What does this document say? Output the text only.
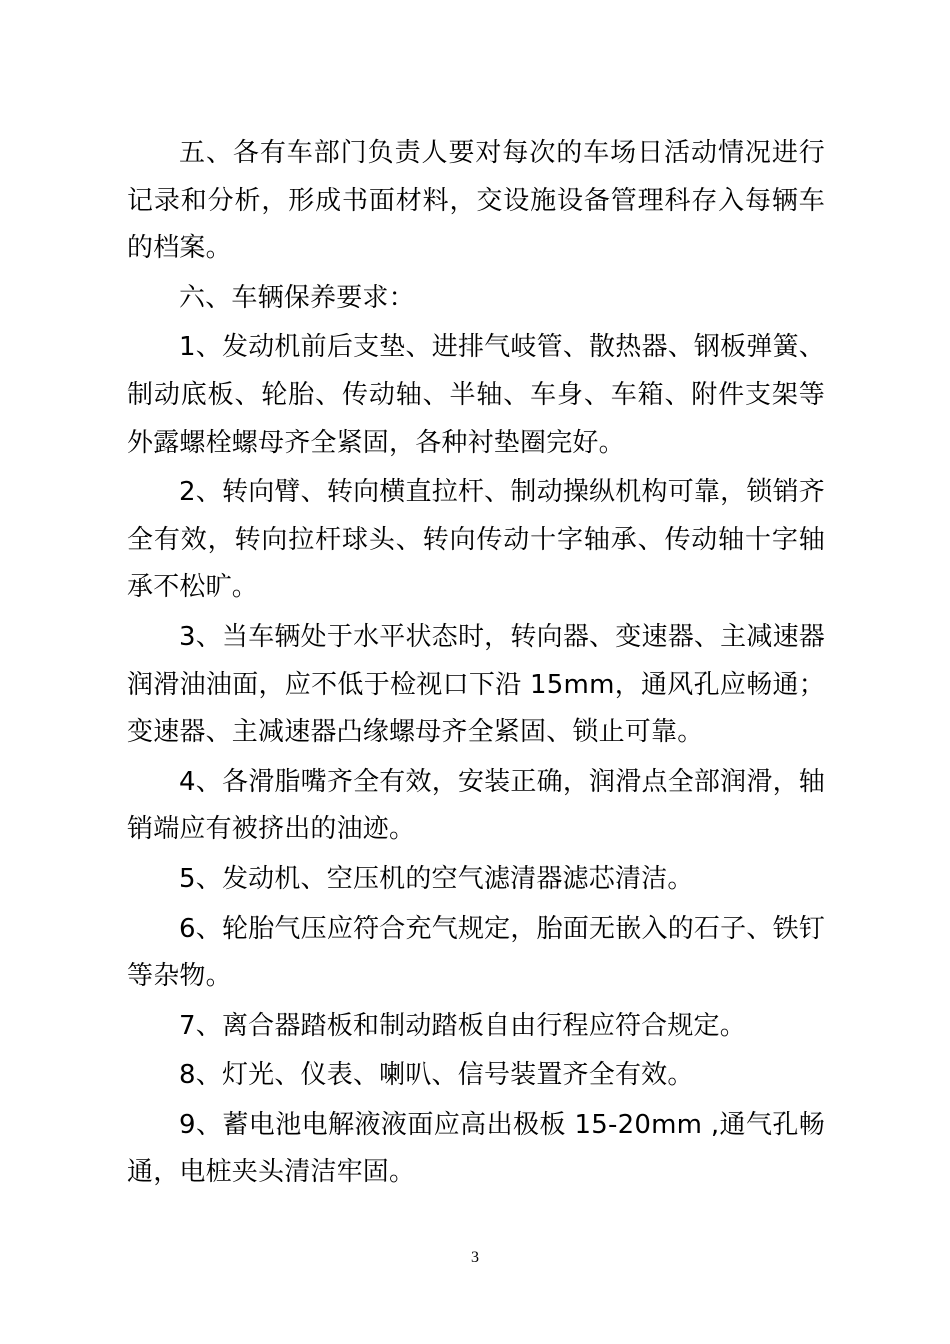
五、各有车部门负责人要对每次的车场日活动情况进行记录和分析，形成书面材料，交设施设备管理科存入每辆车的档案。

六、车辆保养要求：

1、发动机前后支垫、进排气岐管、散热器、钢板弹簧、制动底板、轮胎、传动轴、半轴、车身、车箱、附件支架等外露螺栓螺母齐全紧固，各种衬垫圈完好。

2、转向臂、转向横直拉杆、制动操纵机构可靠，锁销齐全有效，转向拉杆球头、转向传动十字轴承、传动轴十字轴承不松旷。

3、当车辆处于水平状态时，转向器、变速器、主减速器润滑油油面，应不低于检视口下沿 15mm，通风孔应畅通；变速器、主减速器凸缘螺母齐全紧固、锁止可靠。

4、各滑脂嘴齐全有效，安装正确，润滑点全部润滑，轴销端应有被挤出的油迹。

5、发动机、空压机的空气滤清器滤芯清洁。

6、轮胎气压应符合充气规定，胎面无嵌入的石子、铁钉等杂物。

7、离合器踏板和制动踏板自由行程应符合规定。

8、灯光、仪表、喇叭、信号装置齐全有效。

9、蓄电池电解液液面应高出极板 15-20mm ,通气孔畅通，电桩夹头清洁牢固。

3
